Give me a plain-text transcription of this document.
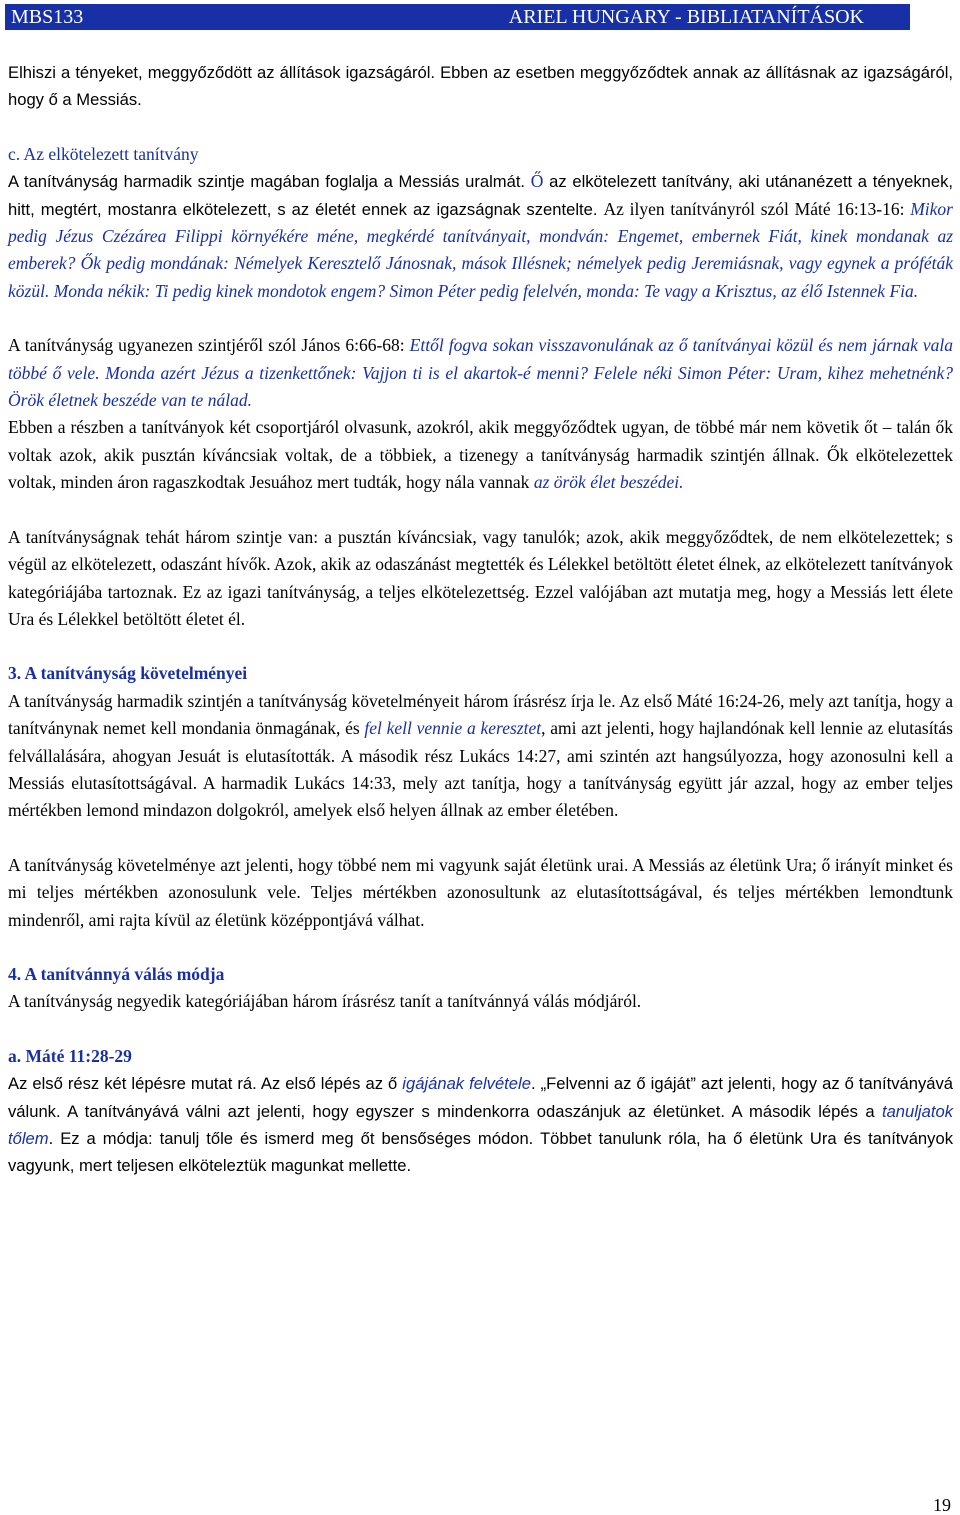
MBS133	ARIEL HUNGARY - BIBLIATANÍTÁSOK

Elhiszi a tényeket, meggyőződött az állítások igazságáról. Ebben az esetben meggyőződtek annak az állításnak az igazságáról, hogy ő a Messiás.

c. Az elkötelezett tanítvány

A tanítványság harmadik szintje magában foglalja a Messiás uralmát. Ő az elkötelezett tanítvány, aki utánanézett a tényeknek, hitt, megtért, mostanra elkötelezett, s az életét ennek az igazságnak szentelte. Az ilyen tanítványról szól Máté 16:13-16: Mikor pedig Jézus Czézárea Filippi környékére méne, megkérdé tanítványait, mondván: Engemet, embernek Fiát, kinek mondanak az emberek? Ők pedig mondának: Némelyek Keresztelő Jánosnak, mások Illésnek; némelyek pedig Jeremiásnak, vagy egynek a próféták közül. Monda nékik: Ti pedig kinek mondotok engem? Simon Péter pedig felelvén, monda: Te vagy a Krisztus, az élő Istennek Fia.

A tanítványság ugyanezen szintjéről szól János 6:66-68: Ettől fogva sokan visszavonulának az ő tanítványai közül és nem járnak vala többé ő vele. Monda azért Jézus a tizenkettőnek: Vajjon ti is el akartok-é menni? Felele néki Simon Péter: Uram, kihez mehetnénk? Örök életnek beszéde van te nálad.

Ebben a részben a tanítványok két csoportjáról olvasunk, azokról, akik meggyőződtek ugyan, de többé már nem követik őt – talán ők voltak azok, akik pusztán kíváncsiak voltak, de a többiek, a tizenegy a tanítványság harmadik szintjén állnak. Ők elkötelezettek voltak, minden áron ragaszkodtak Jesuához mert tudták, hogy nála vannak az örök élet beszédei.

A tanítványságnak tehát három szintje van: a pusztán kíváncsiak, vagy tanulók; azok, akik meggyőződtek, de nem elkötelezettek; s végül az elkötelezett, odaszánt hívők. Azok, akik az odaszánást megtették és Lélekkel betöltött életet élnek, az elkötelezett tanítványok kategóriájába tartoznak. Ez az igazi tanítványság, a teljes elkötelezettség. Ezzel valójában azt mutatja meg, hogy a Messiás lett élete Ura és Lélekkel betöltött életet él.

3. A tanítványság követelményei

A tanítványság harmadik szintjén a tanítványság követelményeit három írásrész írja le. Az első Máté 16:24-26, mely azt tanítja, hogy a tanítványnak nemet kell mondania önmagának, és fel kell vennie a keresztet, ami azt jelenti, hogy hajlandónak kell lennie az elutasítás felvállalására, ahogyan Jesuát is elutasították. A második rész Lukács 14:27, ami szintén azt hangsúlyozza, hogy azonosulni kell a Messiás elutasítottságával. A harmadik Lukács 14:33, mely azt tanítja, hogy a tanítványság együtt jár azzal, hogy az ember teljes mértékben lemond mindazon dolgokról, amelyek első helyen állnak az ember életében.

A tanítványság követelménye azt jelenti, hogy többé nem mi vagyunk saját életünk urai. A Messiás az életünk Ura; ő irányít minket és mi teljes mértékben azonosulunk vele. Teljes mértékben azonosultunk az elutasítottságával, és teljes mértékben lemondtunk mindenről, ami rajta kívül az életünk középpontjává válhat.

4. A tanítvánnyá válás módja

A tanítványság negyedik kategóriájában három írásrész tanít a tanítvánnyá válás módjáról.

a. Máté 11:28-29

Az első rész két lépésre mutat rá. Az első lépés az ő igájának felvétele. „Felvenni az ő igáját” azt jelenti, hogy az ő tanítványává válunk. A tanítványává válni azt jelenti, hogy egyszer s mindenkorra odaszánjuk az életünket. A második lépés a tanuljatok tőlem. Ez a módja: tanulj tőle és ismerd meg őt bensőséges módon. Többet tanulunk róla, ha ő életünk Ura és tanítványok vagyunk, mert teljesen elköteleztük magunkat mellette.

19
